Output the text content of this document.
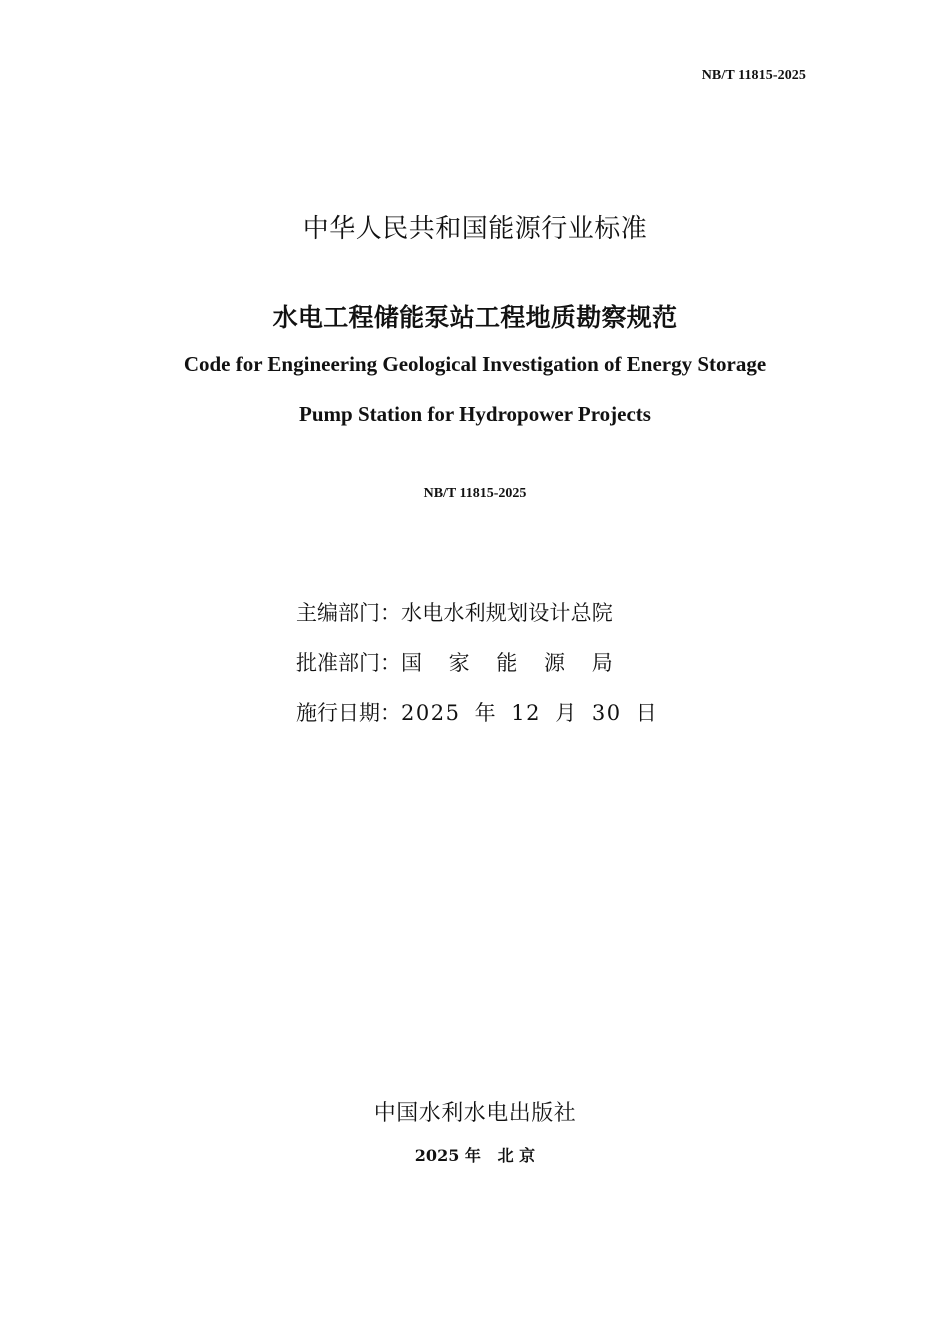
NB/T 11815-2025
中华人民共和国能源行业标准
水电工程储能泵站工程地质勘察规范
Code for Engineering Geological Investigation of Energy Storage
Pump Station for Hydropower Projects
NB/T 11815-2025
主编部门：水电水利规划设计总院
批准部门：国 家 能 源 局
施行日期：2025 年 12 月 30 日
中国水利水电出版社
2025 年   北 京
